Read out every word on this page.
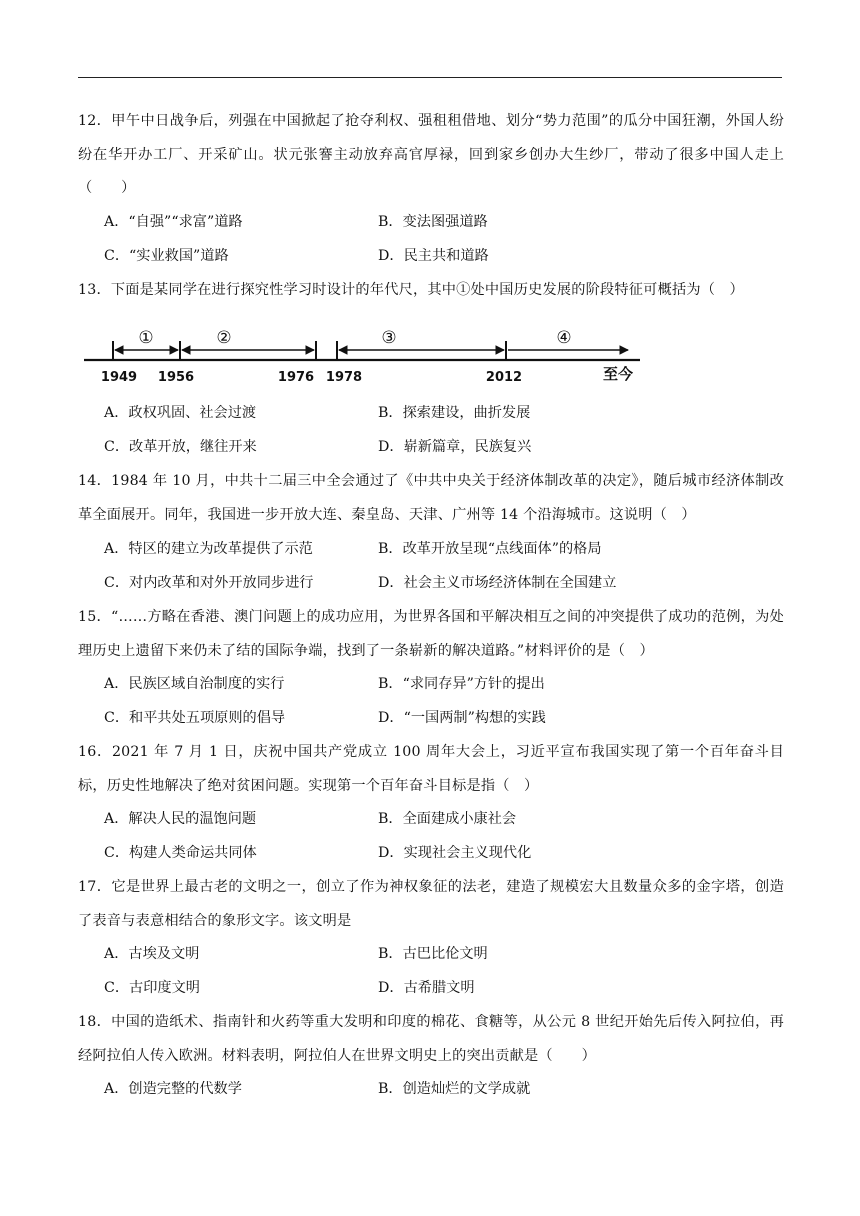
12．甲午中日战争后，列强在中国掀起了抢夺利权、强租租借地、划分“势力范围”的瓜分中国狂潮，外国人纷纷在华开办工厂、开采矿山。状元张謇主动放弃高官厚禄，回到家乡创办大生纱厂，带动了很多中国人走上（　　）
A．“自强”“求富”道路	B．变法图强道路
C．“实业救国”道路	D．民主共和道路
13．下面是某同学在进行探究性学习时设计的年代尺，其中①处中国历史发展的阶段特征可概括为（　）
①	②	③	④
1949 1956	1976 1978	2012	至今
A．政权巩固、社会过渡	B．探索建设，曲折发展
C．改革开放，继往开来	D．崭新篇章，民族复兴
14．1984 年 10 月，中共十二届三中全会通过了《中共中央关于经济体制改革的决定》，随后城市经济体制改革全面展开。同年，我国进一步开放大连、秦皇岛、天津、广州等 14 个沿海城市。这说明（　）
A．特区的建立为改革提供了示范	B．改革开放呈现“点线面体”的格局
C．对内改革和对外开放同步进行	D．社会主义市场经济体制在全国建立
15．“……方略在香港、澳门问题上的成功应用，为世界各国和平解决相互之间的冲突提供了成功的范例，为处理历史上遗留下来仍未了结的国际争端，找到了一条崭新的解决道路。”材料评价的是（　）
A．民族区域自治制度的实行	B．“求同存异”方针的提出
C．和平共处五项原则的倡导	D．“一国两制”构想的实践
16．2021 年 7 月 1 日，庆祝中国共产党成立 100 周年大会上，习近平宣布我国实现了第一个百年奋斗目标，历史性地解决了绝对贫困问题。实现第一个百年奋斗目标是指（　）
A．解决人民的温饱问题	B．全面建成小康社会
C．构建人类命运共同体	D．实现社会主义现代化
17．它是世界上最古老的文明之一，创立了作为神权象征的法老，建造了规模宏大且数量众多的金字塔，创造了表音与表意相结合的象形文字。该文明是
A．古埃及文明	B．古巴比伦文明
C．古印度文明	D．古希腊文明
18．中国的造纸术、指南针和火药等重大发明和印度的棉花、食糖等，从公元 8 世纪开始先后传入阿拉伯，再经阿拉伯人传入欧洲。材料表明，阿拉伯人在世界文明史上的突出贡献是（　　）
A．创造完整的代数学	B．创造灿烂的文学成就
